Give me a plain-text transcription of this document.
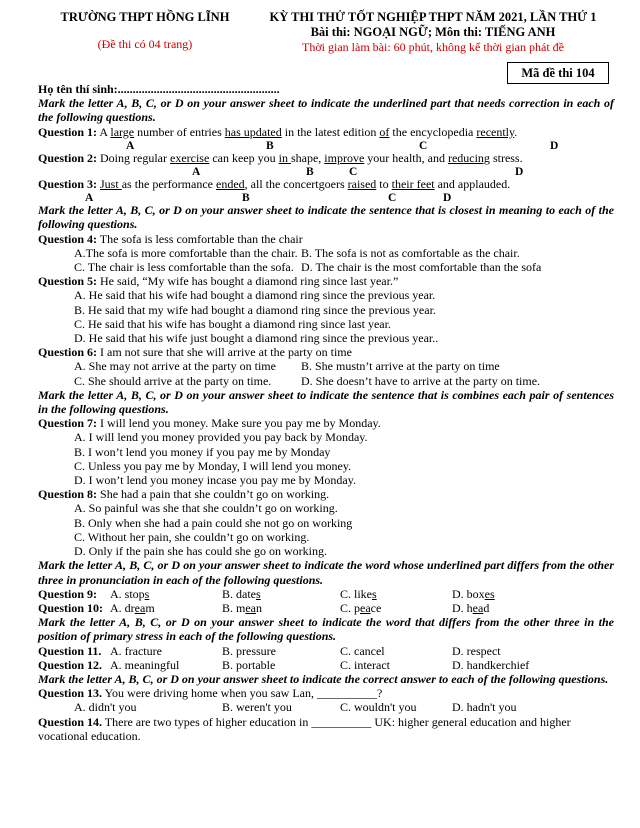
TRƯỜNG THPT HỒNG LĨNH
(Đề thi có 04 trang)
KỲ THI THỬ TỐT NGHIỆP THPT NĂM 2021, LẦN THỨ 1
Bài thi: NGOẠI NGỮ; Môn thi: TIẾNG ANH
Thời gian làm bài: 60 phút, không kể thời gian phát đề
Mã đề thi 104
Họ tên thí sinh:......................................................
Mark the letter A, B, C, or D on your answer sheet to indicate the underlined part that needs correction in each of the following questions.
Question 1: A large number of entries has updated in the latest edition of the encyclopedia recently.
A	B	C	D
Question 2: Doing regular exercise can keep you in shape, improve your health, and reducing stress.
A	B	C	D
Question 3: Just as the performance ended, all the concertgoers raised to their feet and applauded.
A	B	C	D
Mark the letter A, B, C, or D on your answer sheet to indicate the sentence that is closest in meaning to each of the following questions.
Question 4: The sofa is less comfortable than the chair
A.The sofa is more comfortable than the chair. B. The sofa is not as comfortable as the chair.
C. The chair is less comfortable than the sofa. D. The chair is the most comfortable than the sofa
Question 5: He said, “My wife has bought a diamond ring since last year.”
A. He said that his wife had bought a diamond ring since the previous year.
B. He said that my wife had bought a diamond ring since the previous year.
C. He said that his wife has bought a diamond ring since last year.
D. He said that his wife just bought a diamond ring since the previous year..
Question 6: I am not sure that she will arrive at the party on time
A. She may not arrive at the party on time	B. She mustn’t arrive at the party on time
C. She should arrive at the party on time.	D. She doesn’t have to arrive at the party on time.
Mark the letter A, B, C, or D on your answer sheet to indicate the sentence that is combines each pair of sentences in the following questions.
Question 7: I will lend you money. Make sure you pay me by Monday.
A. I will lend you money provided you pay back by Monday.
B. I won’t lend you money if you pay me by Monday
C. Unless you pay me by Monday, I will lend you money.
D. I won’t lend you money incase you pay me by Monday.
Question 8: She had a pain that she couldn’t go on working.
A. So painful was she that she couldn’t go on working.
B. Only when she had a pain could she not go on working
C. Without her pain, she couldn’t go on working.
D. Only if the pain she has could she go on working.
Mark the letter A, B, C, or D on your answer sheet to indicate the word whose underlined part differs from the other three in pronunciation in each of the following questions.
Question 9:	A. stops	B. dates	C. likes	D. boxes
Question 10: A. dream	B. mean	C. peace	D. head
Mark the letter A, B, C, or D on your answer sheet to indicate the word that differs from the other three in the position of primary stress in each of the following questions.
Question 11. A. fracture	B. pressure	C. cancel	D. respect
Question 12. A. meaningful	B. portable	C. interact	D. handkerchief
Mark the letter A, B, C, or D on your answer sheet to indicate the correct answer to each of the following questions.
Question 13. You were driving home when you saw Lan, __________?
A. didn't you	B. weren't you	C. wouldn't you	D. hadn't you
Question 14. There are two types of higher education in __________ UK: higher general education and higher
vocational education.
